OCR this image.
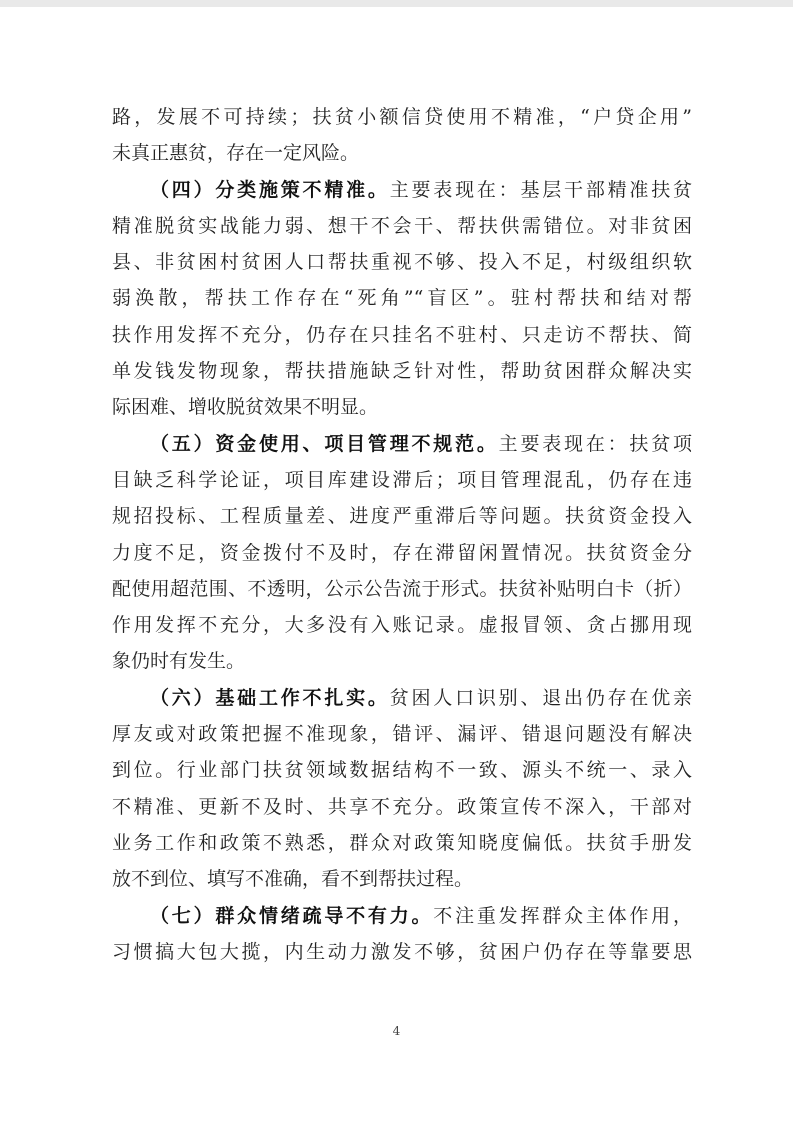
路，发展不可持续；扶贫小额信贷使用不精准，“户贷企用”
未真正惠贫，存在一定风险。
（四）分类施策不精准。主要表现在：基层干部精准扶贫
精准脱贫实战能力弱、想干不会干、帮扶供需错位。对非贫困
县、非贫困村贫困人口帮扶重视不够、投入不足，村级组织软
弱涣散，帮扶工作存在“死角”“盲区”。驻村帮扶和结对帮
扶作用发挥不充分，仍存在只挂名不驻村、只走访不帮扶、简
单发钱发物现象，帮扶措施缺乏针对性，帮助贫困群众解决实
际困难、增收脱贫效果不明显。
（五）资金使用、项目管理不规范。主要表现在：扶贫项
目缺乏科学论证，项目库建设滞后；项目管理混乱，仍存在违
规招投标、工程质量差、进度严重滞后等问题。扶贫资金投入
力度不足，资金拨付不及时，存在滞留闲置情况。扶贫资金分
配使用超范围、不透明，公示公告流于形式。扶贫补贴明白卡（折）
作用发挥不充分，大多没有入账记录。虚报冒领、贪占挪用现
象仍时有发生。
（六）基础工作不扎实。贫困人口识别、退出仍存在优亲
厚友或对政策把握不准现象，错评、漏评、错退问题没有解决
到位。行业部门扶贫领域数据结构不一致、源头不统一、录入
不精准、更新不及时、共享不充分。政策宣传不深入，干部对
业务工作和政策不熟悉，群众对政策知晓度偏低。扶贫手册发
放不到位、填写不准确，看不到帮扶过程。
（七）群众情绪疏导不有力。不注重发挥群众主体作用，
习惯搞大包大揽，内生动力激发不够，贫困户仍存在等靠要思
4
